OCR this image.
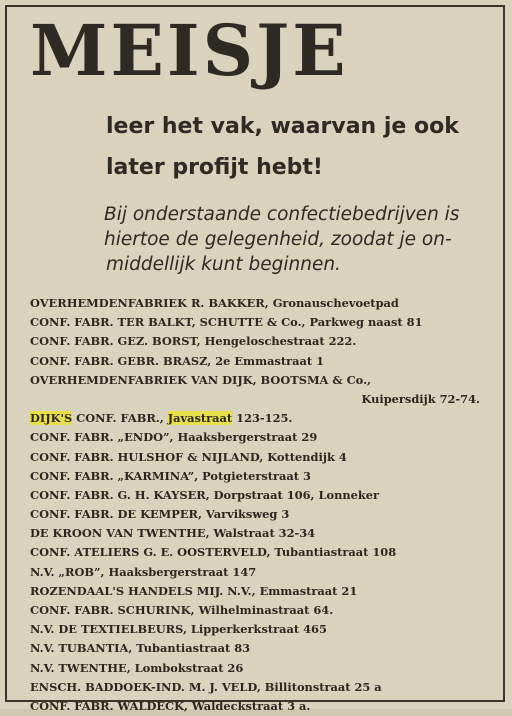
MEISJE
leer het vak, waarvan je ook
later profijt hebt!
Bij onderstaande confectiebedrijven is
hiertoe de gelegenheid, zoodat je on-
middellijk kunt beginnen.
OVERHEMDENFABRIEK R. BAKKER, Gronauschevoetpad
CONF. FABR. TER BALKT, SCHUTTE & Co., Parkweg naast 81
CONF. FABR. GEZ. BORST, Hengeloschestraat 222.
CONF. FABR. GEBR. BRASZ, 2e Emmastraat 1
OVERHEMDENFABRIEK VAN DIJK, BOOTSMA & Co.,
Kuipersdijk 72-74.
DIJK'S CONF. FABR., Javastraat 123-125.
CONF. FABR. „ENDO”, Haaksbergerstraat 29
CONF. FABR. HULSHOF & NIJLAND, Kottendijk 4
CONF. FABR. „KARMINA”, Potgieterstraat 3
CONF. FABR. G. H. KAYSER, Dorpstraat 106, Lonneker
CONF. FABR. DE KEMPER, Varviksweg 3
DE KROON VAN TWENTHE, Walstraat 32-34
CONF. ATELIERS G. E. OOSTERVELD, Tubantiastraat 108
N.V. „ROB”, Haaksbergerstraat 147
ROZENDAAL'S HANDELS MIJ. N.V., Emmastraat 21
CONF. FABR. SCHURINK, Wilhelminastraat 64.
N.V. DE TEXTIELBEURS, Lipperkerkstraat 465
N.V. TUBANTIA, Tubantiastraat 83
N.V. TWENTHE, Lombokstraat 26
ENSCH. BADDOEK-IND. M. J. VELD, Billitonstraat 25 a
CONF. FABR. WALDECK, Waldeckstraat 3 a.
